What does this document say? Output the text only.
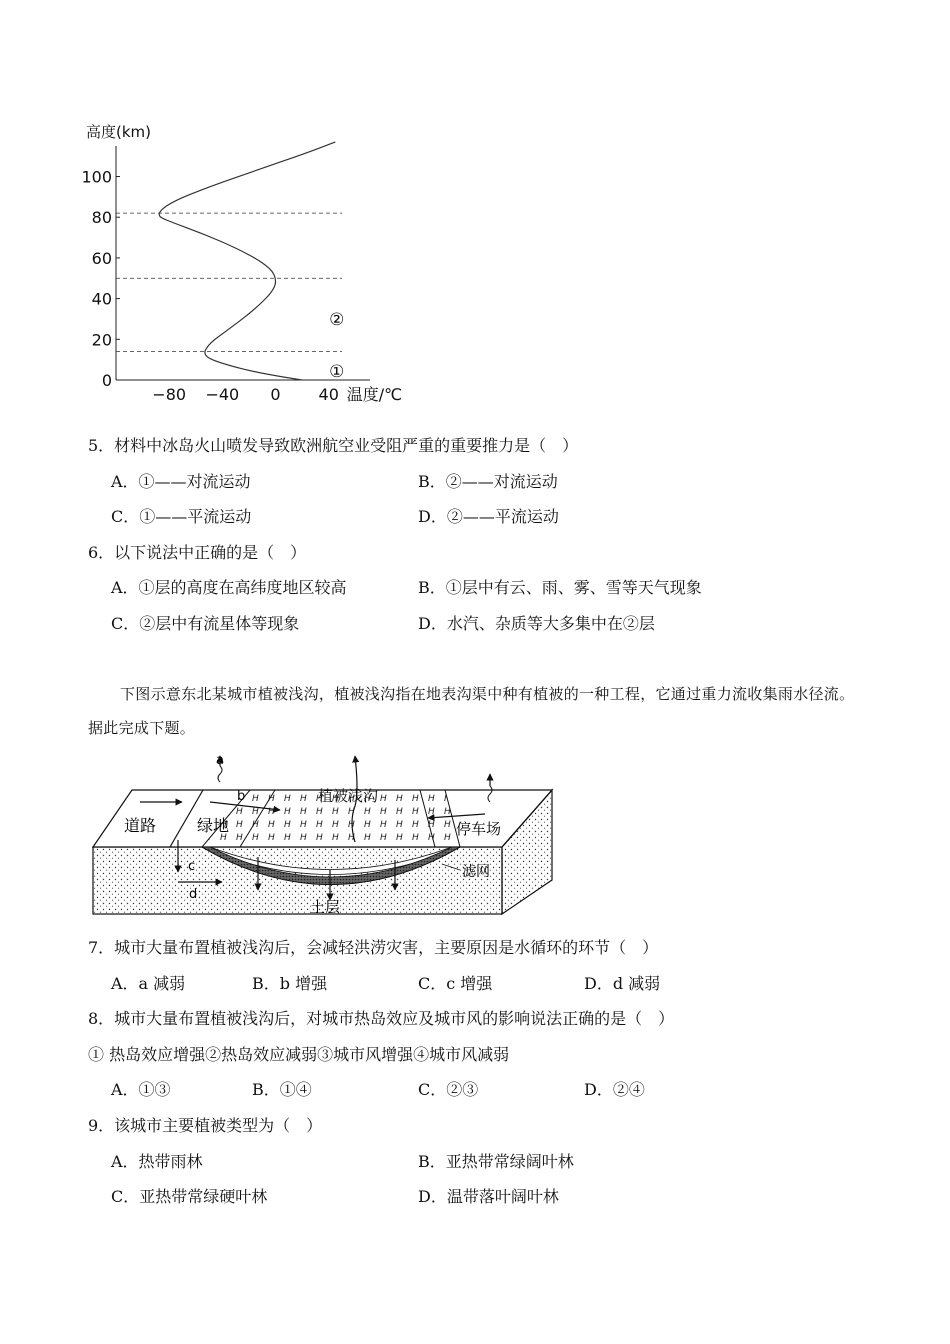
高度(km)
0
20
40
60
80
100
−80 −40 0 40 温度/℃
①
②
5．材料中冰岛火山喷发导致欧洲航空业受阻严重的重要推力是（　）
A．①——对流运动	B．②——对流运动
C．①——平流运动	D．②——平流运动
6．以下说法中正确的是（　）
A．①层的高度在高纬度地区较高	B．①层中有云、雨、雾、雪等天气现象
C．②层中有流星体等现象	D．水汽、杂质等大多集中在②层
下图示意东北某城市植被浅沟，植被浅沟指在地表沟渠中种有植被的一种工程，它通过重力流收集雨水径流。据此完成下题。
a
b
c
d
道路	绿地
植被浅沟
停车场
滤网
土层
7．城市大量布置植被浅沟后，会减轻洪涝灾害，主要原因是水循环的环节（　）
A．a 减弱	B．b 增强	C．c 增强	D．d 减弱
8．城市大量布置植被浅沟后，对城市热岛效应及城市风的影响说法正确的是（　）
① 热岛效应增强②热岛效应减弱③城市风增强④城市风减弱
A．①③	B．①④	C．②③	D．②④
9．该城市主要植被类型为（　）
A．热带雨林	B．亚热带常绿阔叶林
C．亚热带常绿硬叶林	D．温带落叶阔叶林
